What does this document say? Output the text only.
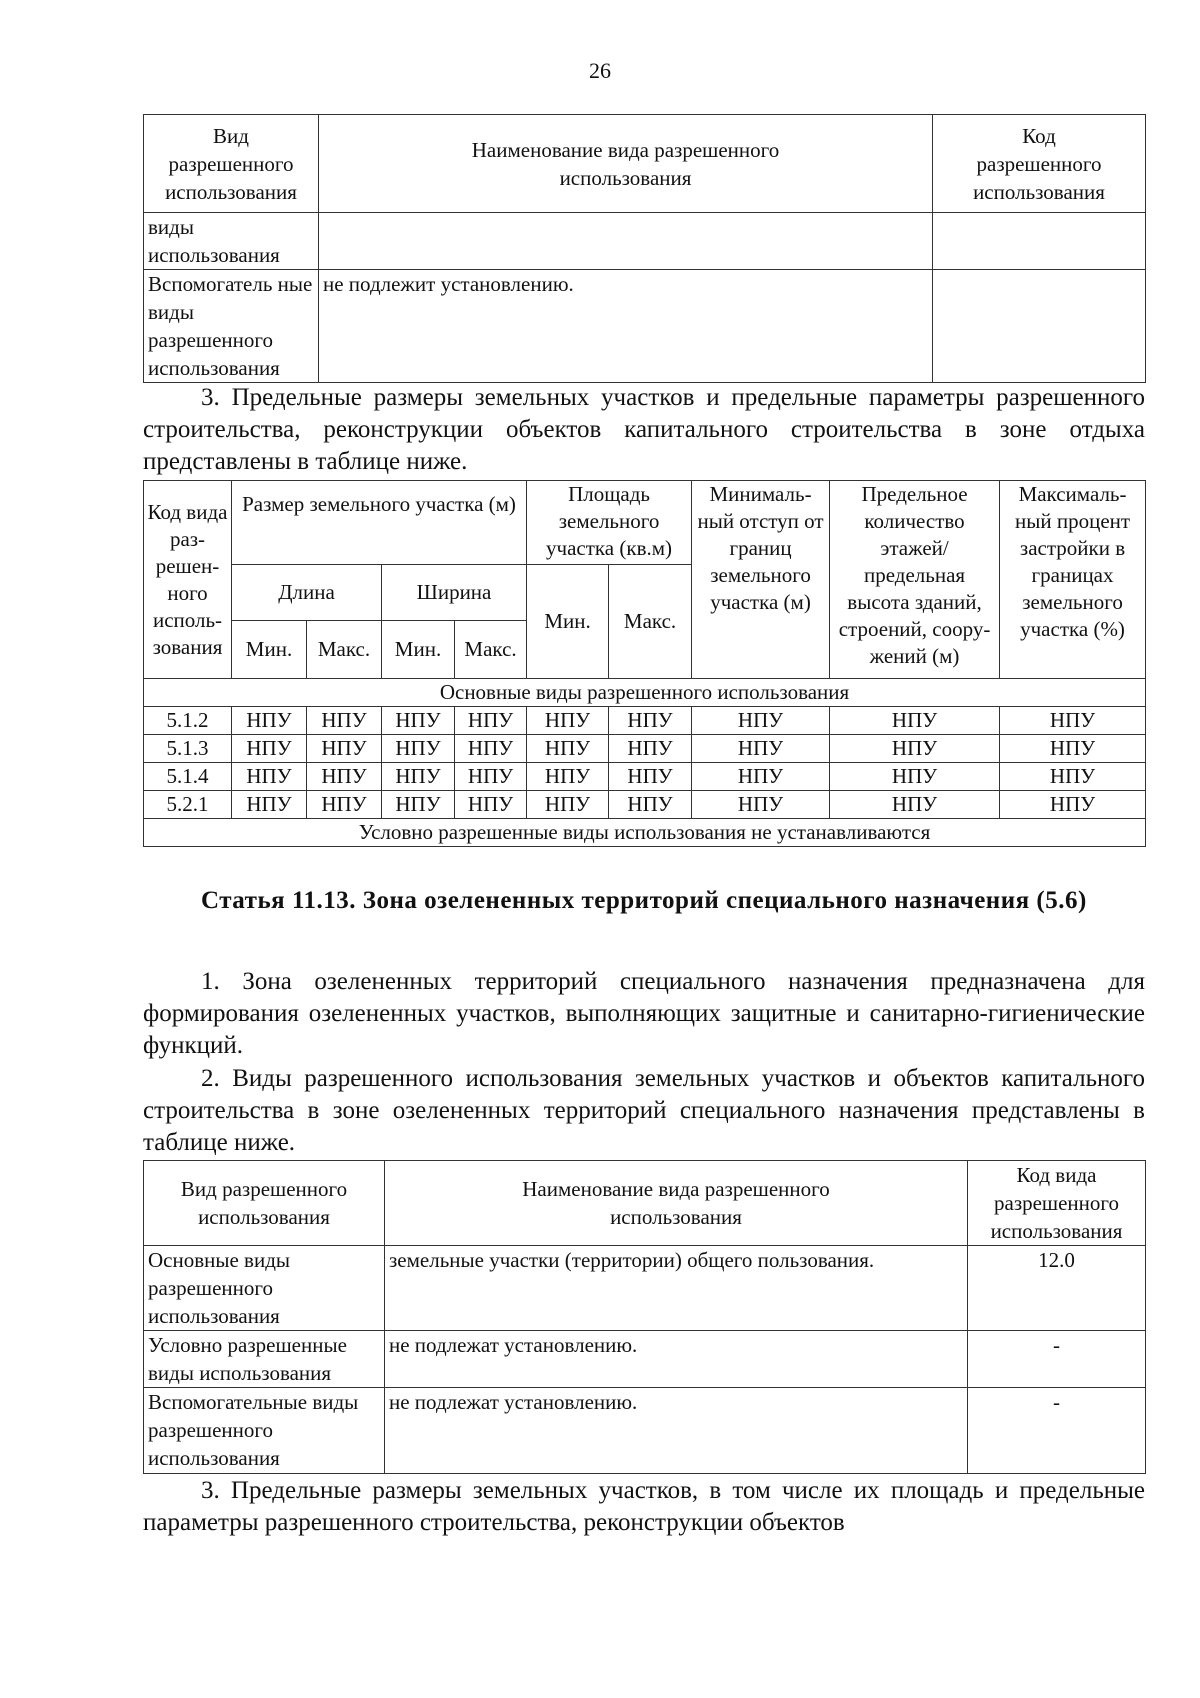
26
Вид разрешенного использования	Наименование вида разрешенного использования	Код разрешенного использования
виды использования		
Вспомогатель ные виды разрешенного использования	не подлежит установлению.	
3. Предельные размеры земельных участков и предельные параметры разрешенного строительства, реконструкции объектов капитального строительства в зоне отдыха представлены в таблице ниже.
Код вида раз- решен- ного исполь- зования	Размер земельного участка (м)				Площадь земельного участка (кв.м)		Минималь- ный отступ от границ земельного участка (м)	Предельное количество этажей/ предельная высота зданий, строений, соору- жений (м)	Максималь- ный процент застройки в границах земельного участка (%)
	Длина		Ширина		Мин.	Макс.			
	Мин.	Макс.	Мин.	Макс.					
Основные виды разрешенного использования									
5.1.2	НПУ	НПУ	НПУ	НПУ	НПУ	НПУ	НПУ	НПУ	НПУ
5.1.3	НПУ	НПУ	НПУ	НПУ	НПУ	НПУ	НПУ	НПУ	НПУ
5.1.4	НПУ	НПУ	НПУ	НПУ	НПУ	НПУ	НПУ	НПУ	НПУ
5.2.1	НПУ	НПУ	НПУ	НПУ	НПУ	НПУ	НПУ	НПУ	НПУ
Условно разрешенные виды использования не устанавливаются									
Статья 11.13. Зона озелененных территорий специального назначения (5.6)
1. Зона озелененных территорий специального назначения предназначена для формирования озелененных участков, выполняющих защитные и санитарно-гигиенические функций.
2. Виды разрешенного использования земельных участков и объектов капитального строительства в зоне озелененных территорий специального назначения представлены в таблице ниже.
Вид разрешенного использования	Наименование вида разрешенного использования	Код вида разрешенного использования
Основные виды разрешенного использования	земельные участки (территории) общего пользования.	12.0
Условно разрешенные виды использования	не подлежат установлению.	-
Вспомогательные виды разрешенного использования	не подлежат установлению.	-
3. Предельные размеры земельных участков, в том числе их площадь и предельные параметры разрешенного строительства, реконструкции объектов
